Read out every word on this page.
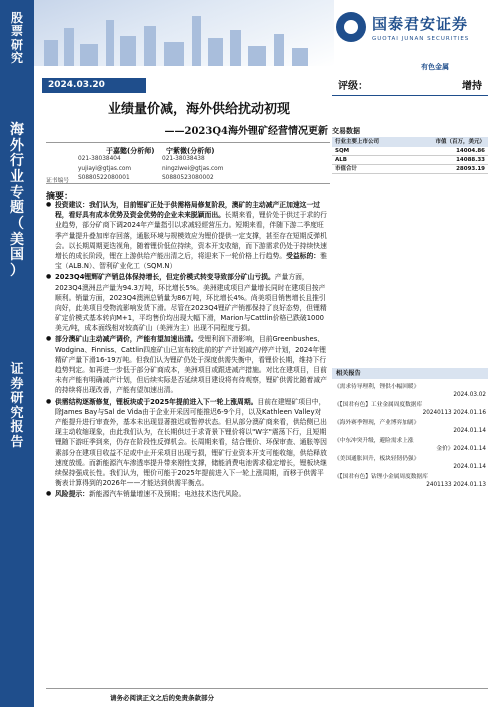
股
票
研
究
海
外
行
业
专
题
（
美
国
）
证
券
研
究
报
告
国泰君安证券
GUOTAI JUNAN SECURITIES
有色金属
2024.03.20	评级：	增持
业绩量价减，海外供给扰动初现
——2023Q4海外锂矿经营情况更新
于嘉懿(分析师) 宁紫微(分析师)
021-38038404	021-38038438
yujiayi@gtjas.com	ningziwei@gtjas.com
证书编号 S0880522080001	S0880523080002
交易数据
行业主要上市公司	市值（百万，美元）
SQM	14004.86
ALB	14088.33
市值合计	28093.19
摘要：
● 投资建议：我们认为，目前锂矿正处于供需格局修复阶段，澳矿的主动减产正加速这一过程，看好具有成本优势及资金优势的企业未来脱颖而出。长期来看，锂价处于供过于求的行业趋势，部分矿商下调2024年产量指引以求减轻經营压力。短期来看，伴随下游二季度旺季产量提升叠加库存回落，通胀环境与规模效应为锂价提供一定支撑，甚至存在短期反弹机会。以长期周期更迭视角，随着锂价低位持续，资本开支收缩，而下游需求仍处于持续快速增长的成长阶段，锂在上游供给产能出清之后，将迎来下一轮价格上行趋势。受益标的：雅宝（ALB.N）、智利矿业化工（SQM.N）
● 2023Q4锂辉矿产销总体保持增长，但定价模式转变导致部分矿山亏损。产量方面，2023Q4澳洲总产量为94.3万吨，环比增长5%。美洲建成项目产量增长同时在建项目按产顺利。销量方面，2023Q4澳洲总销量为86万吨，环比增长4%。尚美项目销售增长且推引向好，此美项目受物流影响发货下滑。尽管在2023Q4锂矿产销都保持了良好态势，但锂精矿定价模式基本转向M+1，平均售价均出现大幅下滑，Marion与Cattlin价格已跌破1000美元/吨，成本面线相对较高矿山（美洲为主）出现不同程度亏损。
● 部分澳矿山主动减产调价，产能有望加速出清。受锂利润下滑影响，目前Greenbushes、Wodgina、Finniss、Cattlin四座矿山已宣布较此前的扩产计划减产/停产计划，2024年锂精矿产量下滑16-19万吨。但我们认为锂矿仍处于深度供需失衡中，看锂价长期，维持下行趋势判定。如再进一步低于部分矿商成本，美洲项目或跟进减产措施。对比在建项目，目前未有产能有明确减产计划，但后续实际是否延续项目建设将有待观察，锂矿供需比随着减产的持续将出现改善，产能有望加速出清。
● 供需结构逐渐修复，锂板块或于2025年提前进入下一轮上涨周期。目前在建锂矿项目中，除James Bay与Sal de Vida由于企业开采因可能推迟6-9个月，以及Kathleen Valley对产能提升进行审查外，基本未出现显著推迟或暂停状态。但从部分澳矿商来看，供给侧已出现主动收缩现象，由此我们认为，在长期供过于求背景下锂价将以"W字"震荡下行，且短期锂随下游旺季到来，仍存在阶段性反弹机会。长周期来看，结合锂价、环保审查、通胀等因素部分在建项目收益不足或中止开采项目出现亏损，锂矿行业资本开支可能收缩，供给释放速度放缓。而新能源汽车渗透率提升带来刚性支撑，储能消费电池需求稳定增长，锂板块继续保持强成长性。我们认为，锂价可能于2025年提前进入下一轮上涨周期，而移于供需平衡表计算得到的2026年——才能达到供需平衡点。
● 风险提示：新能源汽车销量增速不及预期；电池技术迭代风险。
相关报告
《需求待导理利，锂供小幅回暖》
2024.03.02
《【国君有色】工业金属周度数据库
20240113 2024.01.16
《海外赛季锂现，产业博弈加剧》
2024.01.14
《中东冲突升级，避险需求上涨
金价》2024.01.14
《美国通胀回升，板块轻韧仍强》
2024.01.14
《【国君有色】钴锂小金属周度数据库
2401133 2024.01.13
请务必阅读正文之后的免责条款部分
